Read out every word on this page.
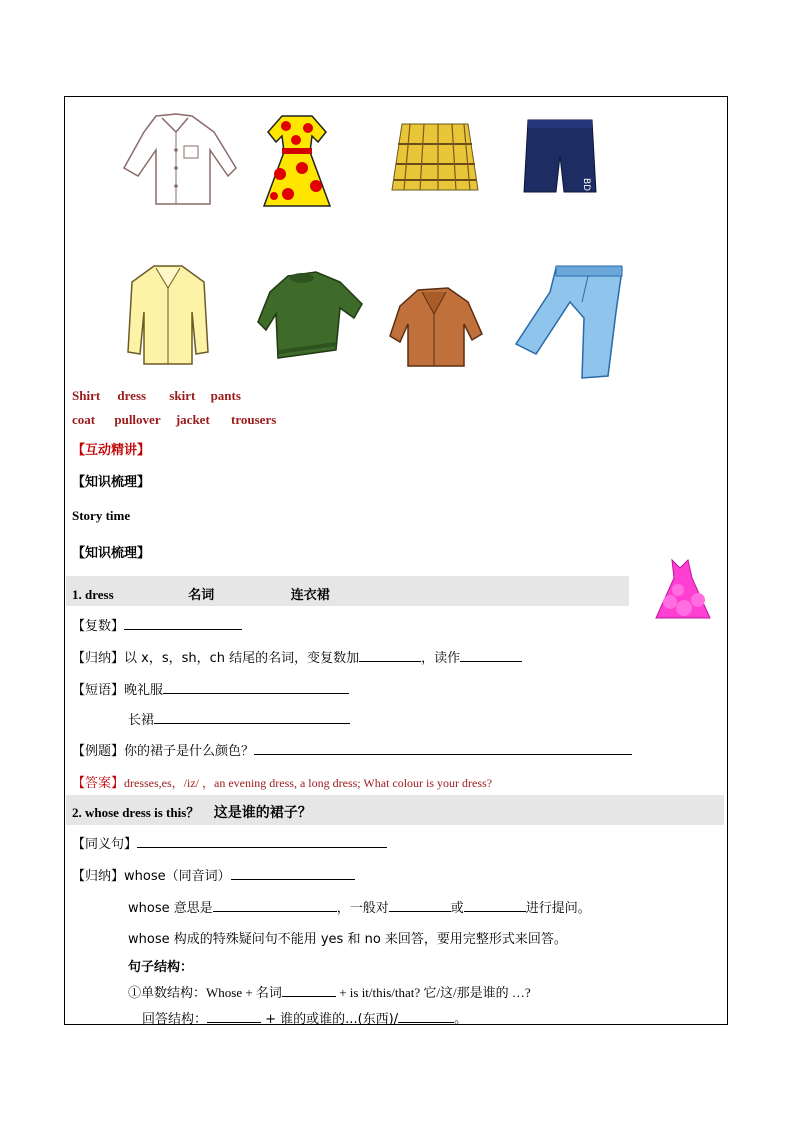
BD
Shirt dress skirt pants
coat pullover jacket trousers
【互动精讲】
【知识梳理】
Story time
【知识梳理】
1. dress	名词	连衣裙
【复数】
【归纳】以 x，s，sh，ch 结尾的名词，变复数加	，读作
【短语】晚礼服
长裙
【例题】你的裙子是什么颜色？
【答案】dresses,es，/iz/ ，an evening dress, a long dress; What colour is your dress?
2. whose dress is this？ 这是谁的裙子？
【同义句】
【归纳】whose（同音词）
whose 意思是	，一般对	或	进行提问。
whose 构成的特殊疑问句不能用 yes 和 no 来回答，要用完整形式来回答。
句子结构：
①单数结构：Whose + 名词	+ is it/this/that? 它/这/那是谁的 …?
回答结构：	+ 谁的或谁的...(东西)/	。
